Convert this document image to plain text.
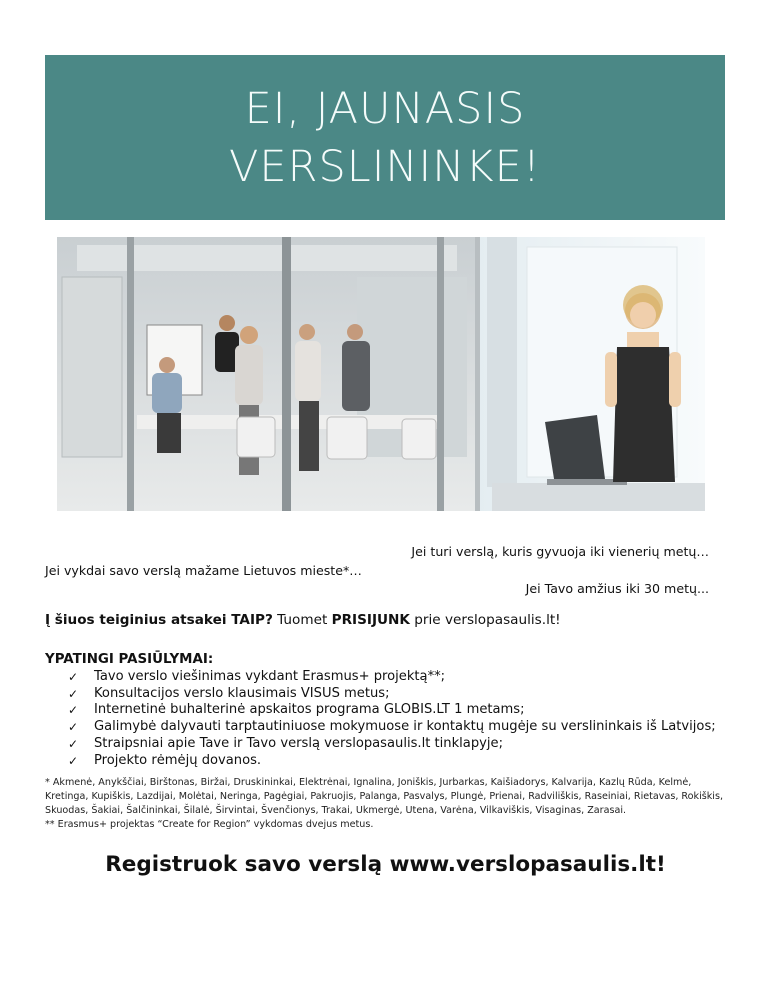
EI, JAUNASIS
VERSLININKE!
Jei turi verslą, kuris gyvuoja iki vienerių metų…
Jei vykdai savo verslą mažame Lietuvos mieste*…
Jei Tavo amžius iki 30 metų...
Į šiuos teiginius atsakei TAIP? Tuomet PRISIJUNK prie verslopasaulis.lt!
YPATINGI PASIŪLYMAI:
✓	Tavo verslo viešinimas vykdant Erasmus+ projektą**;
✓	Konsultacijos verslo klausimais VISUS metus;
✓	Internetinė buhalterinė apskaitos programa GLOBIS.LT 1 metams;
✓	Galimybė dalyvauti tarptautiniuose mokymuose ir kontaktų mugėje su verslininkais iš Latvijos;
✓	Straipsniai apie Tave ir Tavo verslą verslopasaulis.lt tinklapyje;
✓	Projekto rėmėjų dovanos.

* Akmenė, Anykščiai, Birštonas, Biržai, Druskininkai, Elektrėnai, Ignalina, Joniškis, Jurbarkas, Kaišiadorys, Kalvarija, Kazlų Rūda, Kelmė, Kretinga, Kupiškis, Lazdijai, Molėtai, Neringa, Pagėgiai, Pakruojis, Palanga, Pasvalys, Plungė, Prienai, Radviliškis, Raseiniai, Rietavas, Rokiškis, Skuodas, Šakiai, Šalčininkai, Šilalė, Širvintai, Švenčionys, Trakai, Ukmergė, Utena, Varėna, Vilkaviškis, Visaginas, Zarasai.

** Erasmus+ projektas “Create for Region” vykdomas dvejus metus.

Registruok savo verslą www.verslopasaulis.lt!
